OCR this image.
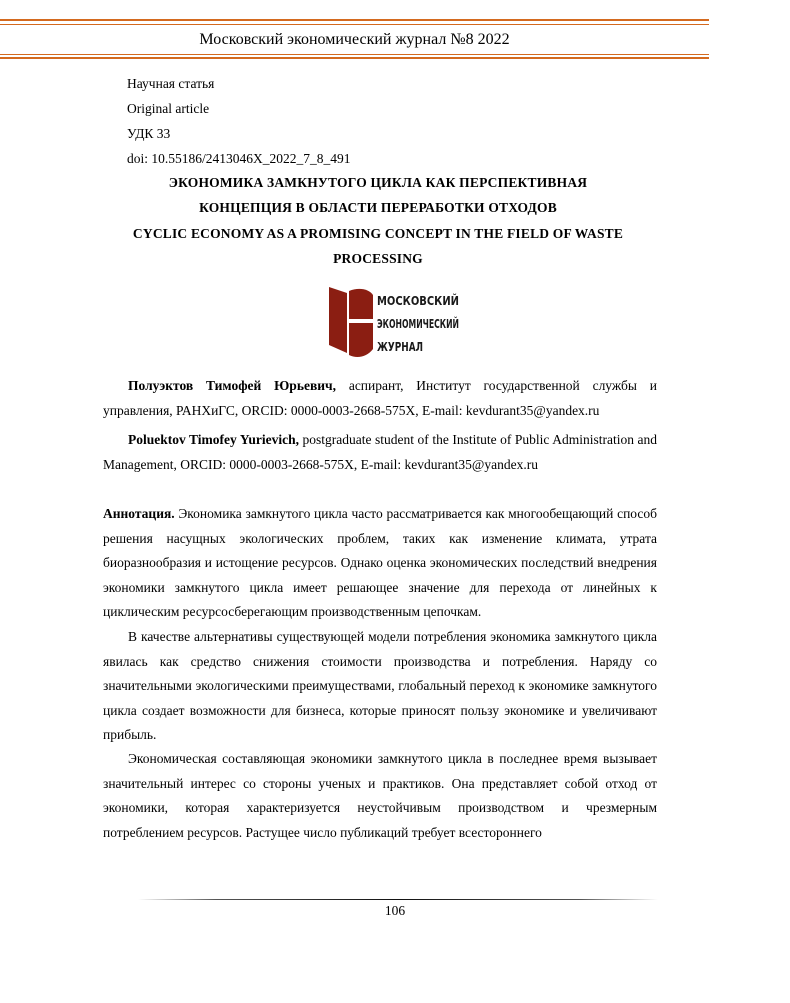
Московский экономический журнал №8 2022
Научная статья
Original article
УДК 33
doi: 10.55186/2413046X_2022_7_8_491
ЭКОНОМИКА ЗАМКНУТОГО ЦИКЛА КАК ПЕРСПЕКТИВНАЯ
КОНЦЕПЦИЯ В ОБЛАСТИ ПЕРЕРАБОТКИ ОТХОДОВ
CYCLIC ECONOMY AS A PROMISING CONCEPT IN THE FIELD OF WASTE
PROCESSING
МОСКОВСКИЙ
ЭКОНОМИЧЕСКИЙ
ЖУРНАЛ

Полуэктов Тимофей Юрьевич, аспирант, Институт государственной службы и управления, РАНХиГС, ORCID: 0000-0003-2668-575X, E-mail: kevdurant35@yandex.ru

Poluektov Timofey Yurievich, postgraduate student of the Institute of Public Administration and Management, ORCID: 0000-0003-2668-575X, E-mail: kevdurant35@yandex.ru

Аннотация. Экономика замкнутого цикла часто рассматривается как многообещающий способ решения насущных экологических проблем, таких как изменение климата, утрата биоразнообразия и истощение ресурсов. Однако оценка экономических последствий внедрения экономики замкнутого цикла имеет решающее значение для перехода от линейных к циклическим ресурсосберегающим производственным цепочкам.

В качестве альтернативы существующей модели потребления экономика замкнутого цикла явилась как средство снижения стоимости производства и потребления. Наряду со значительными экологическими преимуществами, глобальный переход к экономике замкнутого цикла создает возможности для бизнеса, которые приносят пользу экономике и увеличивают прибыль.

Экономическая составляющая экономики замкнутого цикла в последнее время вызывает значительный интерес со стороны ученых и практиков. Она представляет собой отход от экономики, которая характеризуется неустойчивым производством и чрезмерным потреблением ресурсов. Растущее число публикаций требует всестороннего

106
